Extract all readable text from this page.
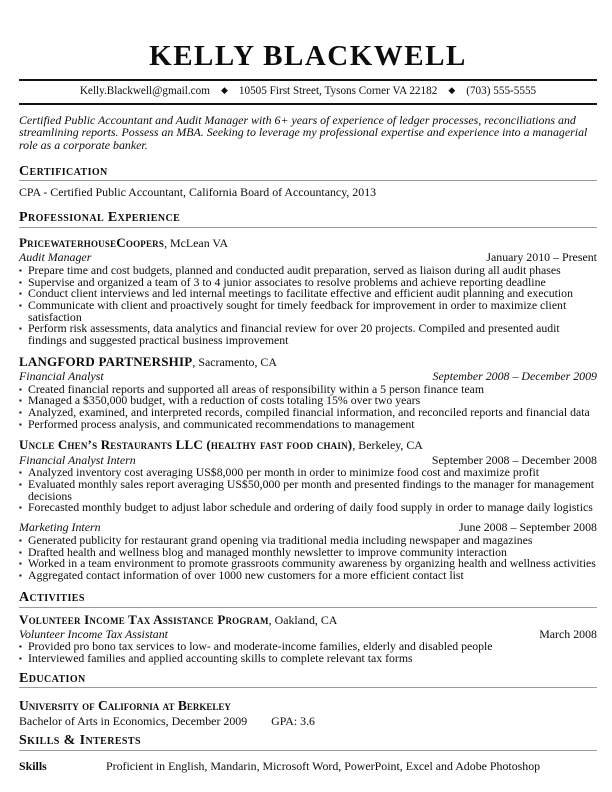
KELLY BLACKWELL
Kelly.Blackwell@gmail.com ◆ 10505 First Street, Tysons Corner VA 22182 ◆ (703) 555-5555
Certified Public Accountant and Audit Manager with 6+ years of experience of ledger processes, reconciliations and streamlining reports. Possess an MBA. Seeking to leverage my professional expertise and experience into a managerial role as a corporate banker.
Certification
CPA - Certified Public Accountant, California Board of Accountancy, 2013
Professional Experience
PricewaterhouseCoopers, McLean VA
Audit Manager	January 2010 – Present
▪ Prepare time and cost budgets, planned and conducted audit preparation, served as liaison during all audit phases
▪ Supervise and organized a team of 3 to 4 junior associates to resolve problems and achieve reporting deadline
▪ Conduct client interviews and led internal meetings to facilitate effective and efficient audit planning and execution
▪ Communicate with client and proactively sought for timely feedback for improvement in order to maximize client satisfaction
▪ Perform risk assessments, data analytics and financial review for over 20 projects. Compiled and presented audit findings and suggested practical business improvement
LANGFORD PARTNERSHIP, Sacramento, CA
Financial Analyst	September 2008 – December 2009
▪ Created financial reports and supported all areas of responsibility within a 5 person finance team
▪ Managed a $350,000 budget, with a reduction of costs totaling 15% over two years
▪ Analyzed, examined, and interpreted records, compiled financial information, and reconciled reports and financial data
▪ Performed process analysis, and communicated recommendations to management
Uncle Chen’s Restaurants LLC (healthy fast food chain), Berkeley, CA
Financial Analyst Intern	September 2008 – December 2008
▪ Analyzed inventory cost averaging US$8,000 per month in order to minimize food cost and maximize profit
▪ Evaluated monthly sales report averaging US$50,000 per month and presented findings to the manager for management decisions
▪ Forecasted monthly budget to adjust labor schedule and ordering of daily food supply in order to manage daily logistics
Marketing Intern	June 2008 – September 2008
▪ Generated publicity for restaurant grand opening via traditional media including newspaper and magazines
▪ Drafted health and wellness blog and managed monthly newsletter to improve community interaction
▪ Worked in a team environment to promote grassroots community awareness by organizing health and wellness activities
▪ Aggregated contact information of over 1000 new customers for a more efficient contact list
Activities
Volunteer Income Tax Assistance Program, Oakland, CA
Volunteer Income Tax Assistant	March 2008
▪ Provided pro bono tax services to low- and moderate-income families, elderly and disabled people
▪ Interviewed families and applied accounting skills to complete relevant tax forms
Education
University of California at Berkeley
Bachelor of Arts in Economics, December 2009 GPA: 3.6
Skills & Interests
Skills	Proficient in English, Mandarin, Microsoft Word, PowerPoint, Excel and Adobe Photoshop
